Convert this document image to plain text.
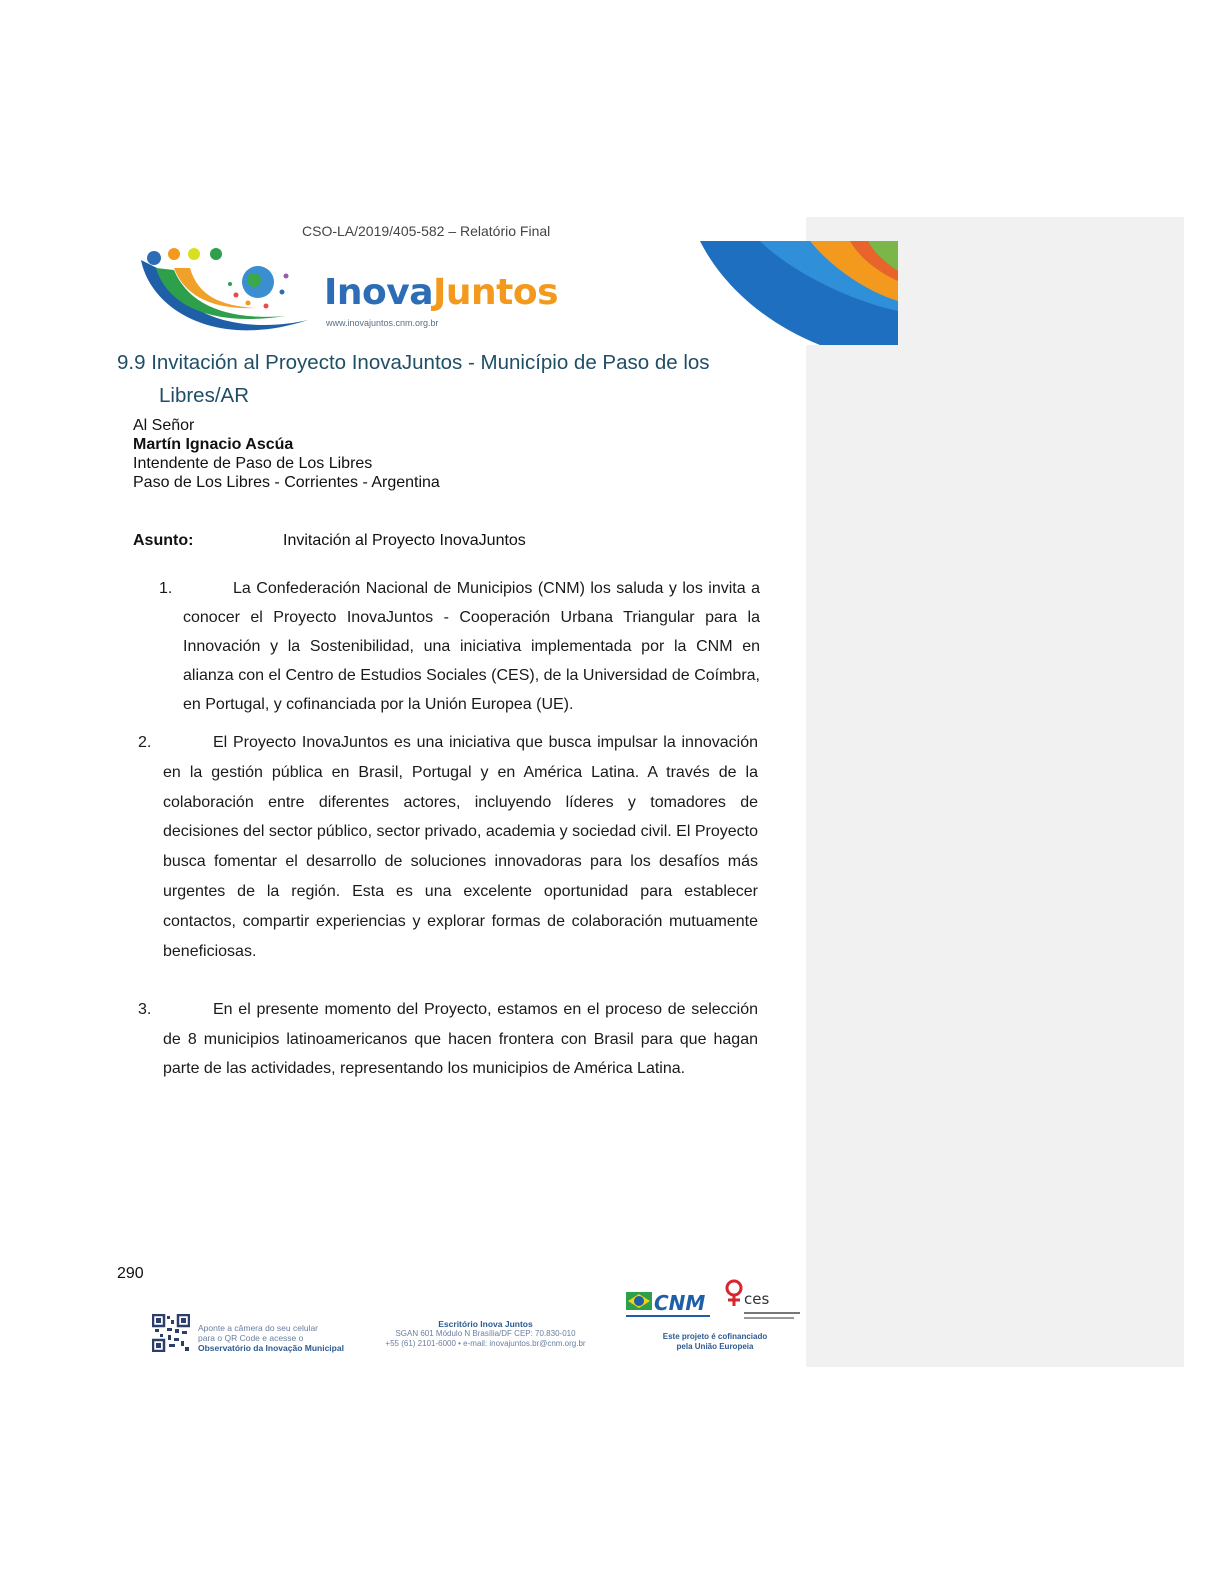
CSO-LA/2019/405-582 – Relatório Final
InovaJuntos
www.inovajuntos.cnm.org.br
9.9 Invitación al Proyecto InovaJuntos - Município de Paso de los
Libres/AR
Al Señor
Martín Ignacio Ascúa
Intendente de Paso de Los Libres
Paso de Los Libres - Corrientes - Argentina
Asunto:	Invitación al Proyecto InovaJuntos
1.	La Confederación Nacional de Municipios (CNM) los saluda y los invita a conocer el Proyecto InovaJuntos - Cooperación Urbana Triangular para la Innovación y la Sostenibilidad, una iniciativa implementada por la CNM en alianza con el Centro de Estudios Sociales (CES), de la Universidad de Coímbra, en Portugal, y cofinanciada por la Unión Europea (UE).
2.	El Proyecto InovaJuntos es una iniciativa que busca impulsar la innovación en la gestión pública en Brasil, Portugal y en América Latina. A través de la colaboración entre diferentes actores, incluyendo líderes y tomadores de decisiones del sector público, sector privado, academia y sociedad civil. El Proyecto busca fomentar el desarrollo de soluciones innovadoras para los desafíos más urgentes de la región. Esta es una excelente oportunidad para establecer contactos, compartir experiencias y explorar formas de colaboración mutuamente beneficiosas.
3.	En el presente momento del Proyecto, estamos en el proceso de selección de 8 municipios latinoamericanos que hacen frontera con Brasil para que hagan parte de las actividades, representando los municipios de América Latina.
290
Aponte a câmera do seu celular
para o QR Code e acesse o
Observatório da Inovação Municipal
Escritório Inova Juntos
SGAN 601 Módulo N Brasília/DF CEP: 70.830-010
+55 (61) 2101-6000 • e-mail: inovajuntos.br@cnm.org.br
CNM	ces
Este projeto é cofinanciado
pela União Europeia
